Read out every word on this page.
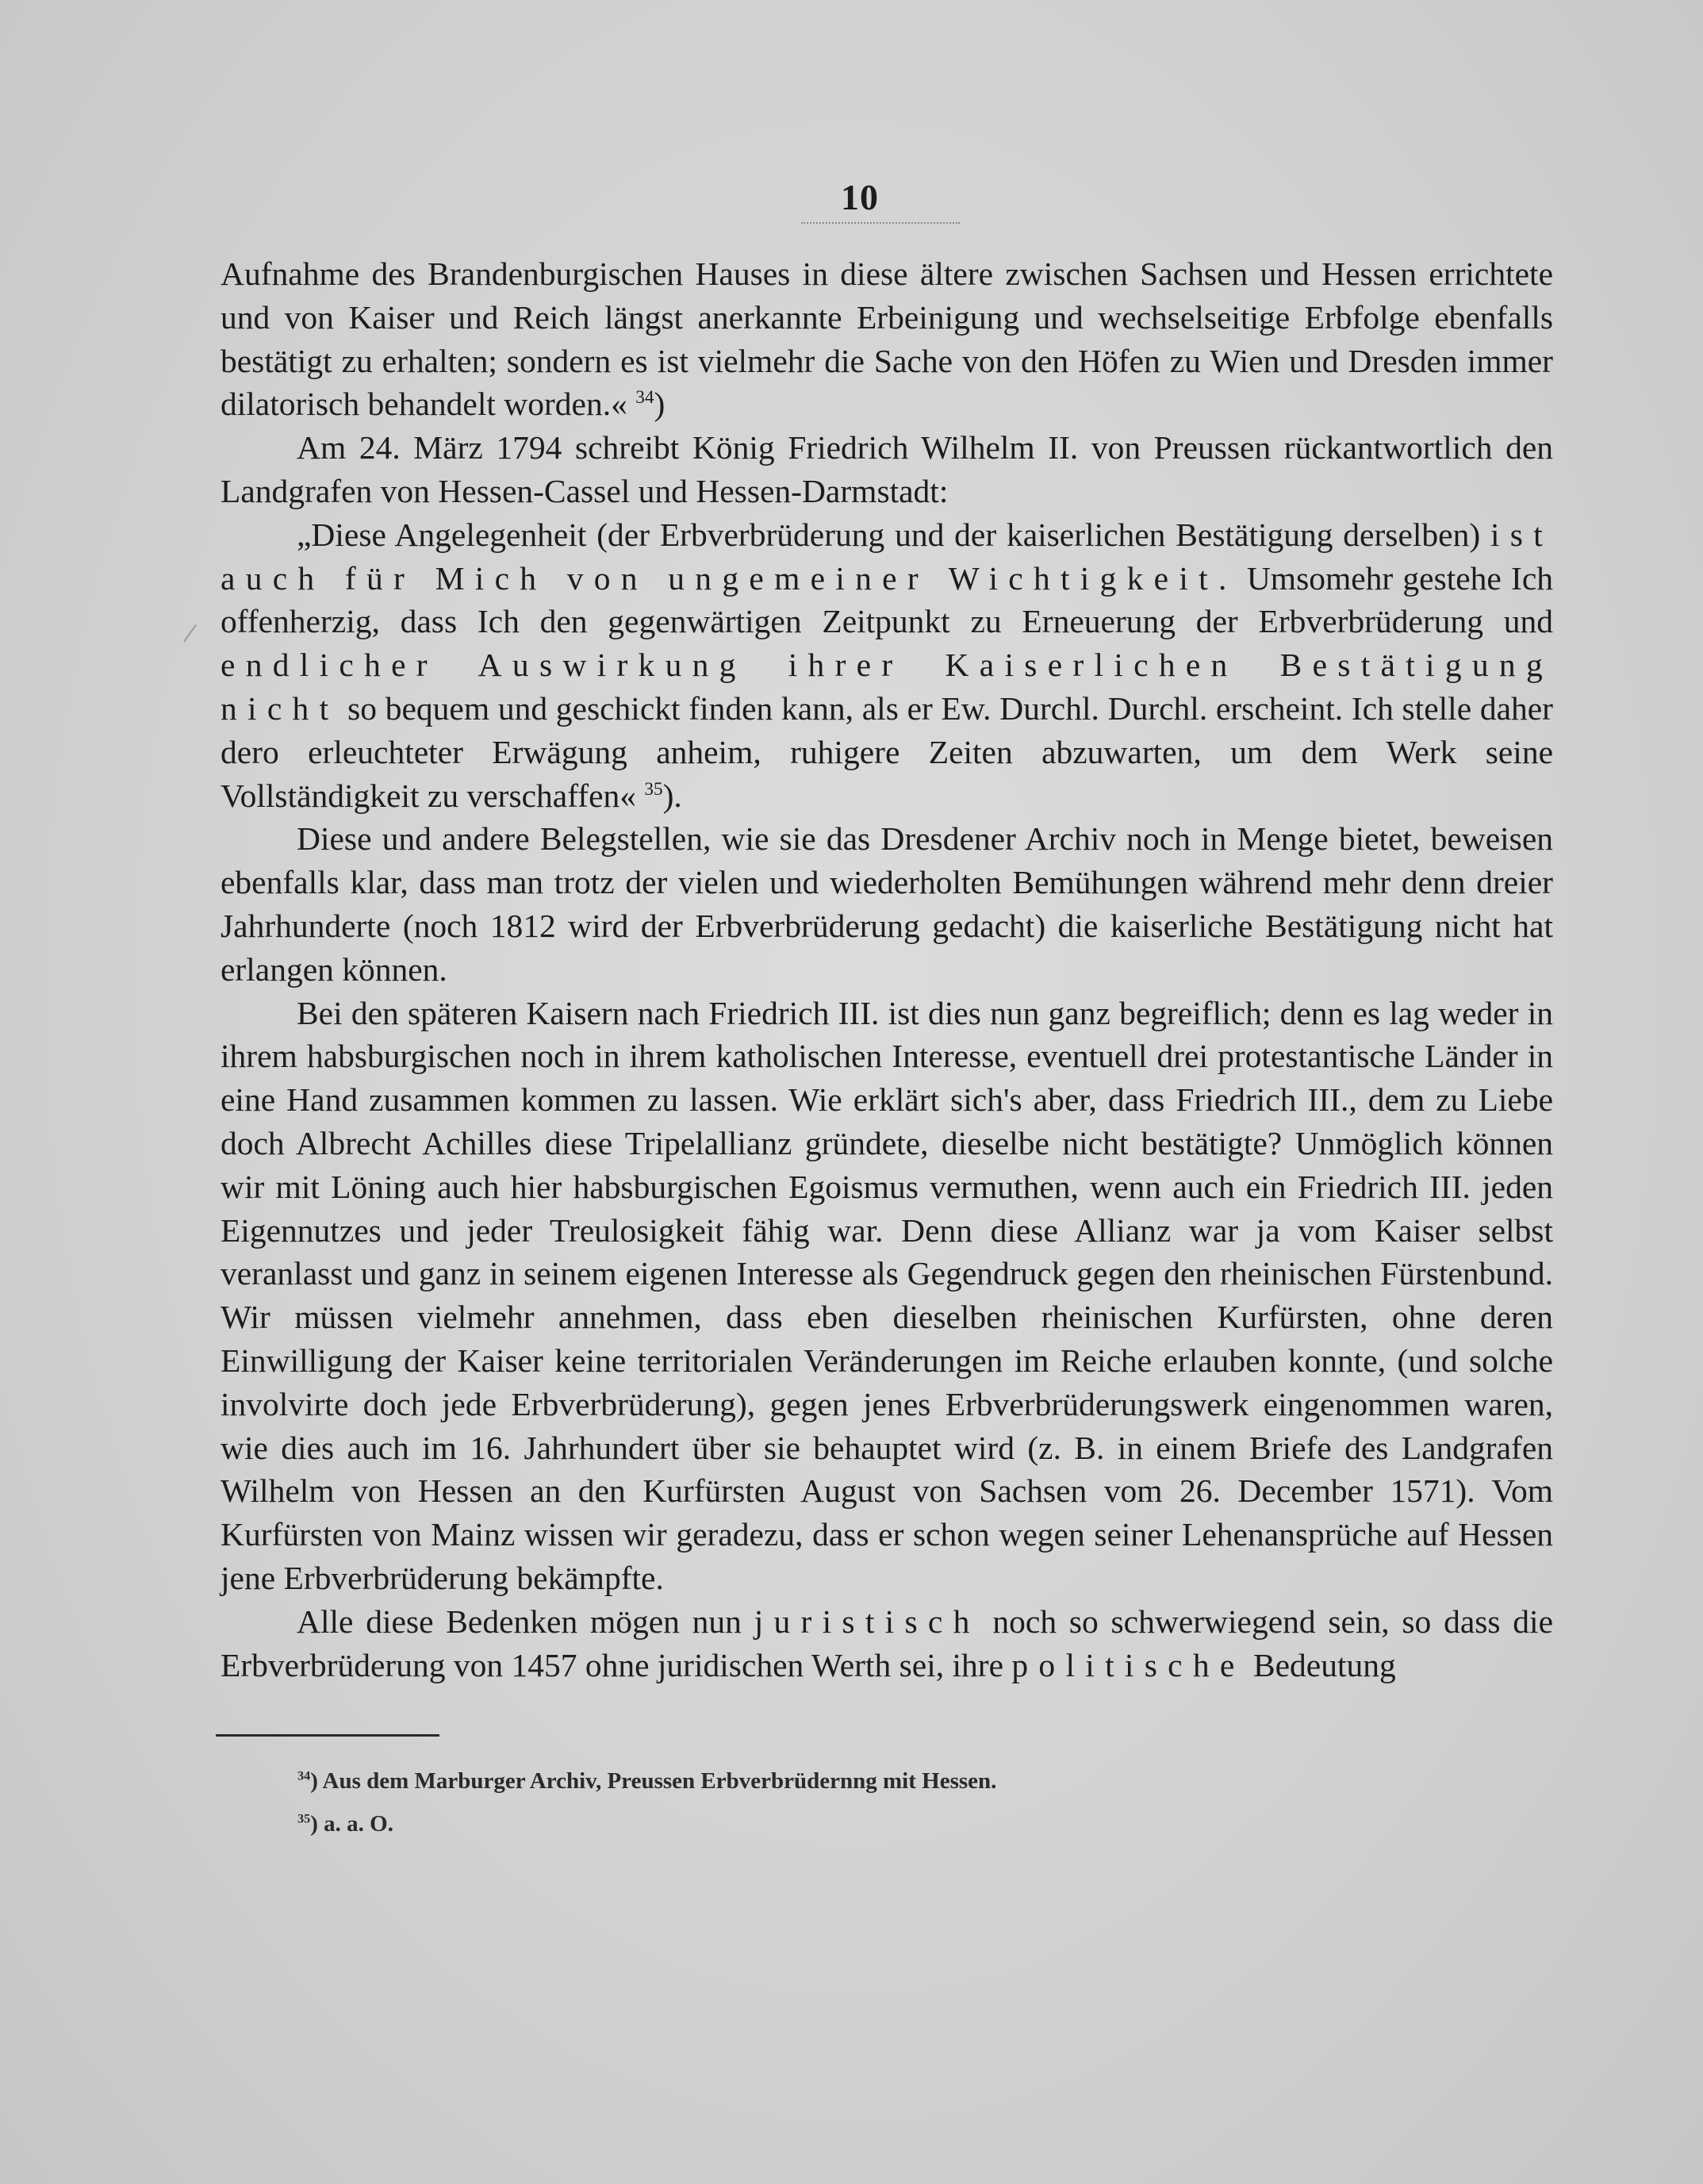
10

Aufnahme des Brandenburgischen Hauses in diese ältere zwischen Sachsen und Hessen errichtete und von Kaiser und Reich längst anerkannte Erbeinigung und wechselseitige Erbfolge ebenfalls bestätigt zu erhalten; sondern es ist vielmehr die Sache von den Höfen zu Wien und Dresden immer dilatorisch behandelt worden.« $^{34}$)

Am 24. März 1794 schreibt König Friedrich Wilhelm II. von Preussen rückantwortlich den Landgrafen von Hessen-Cassel und Hessen-Darmstadt:

„Diese Angelegenheit (der Erbverbrüderung und der kaiserlichen Bestätigung derselben) ist auch für Mich von ungemeiner Wichtigkeit. Umsomehr gestehe Ich offenherzig, dass Ich den gegenwärtigen Zeitpunkt zu Erneuerung der Erbverbrüderung und endlicher Auswirkung ihrer Kaiserlichen Bestätigung nicht so bequem und geschickt finden kann, als er Ew. Durchl. Durchl. erscheint. Ich stelle daher dero erleuchteter Erwägung anheim, ruhigere Zeiten abzuwarten, um dem Werk seine Vollständigkeit zu verschaffen« $^{35}$).

Diese und andere Belegstellen, wie sie das Dresdener Archiv noch in Menge bietet, beweisen ebenfalls klar, dass man trotz der vielen und wiederholten Bemühungen während mehr denn dreier Jahrhunderte (noch 1812 wird der Erbverbrüderung gedacht) die kaiserliche Bestätigung nicht hat erlangen können.

Bei den späteren Kaisern nach Friedrich III. ist dies nun ganz begreiflich; denn es lag weder in ihrem habsburgischen noch in ihrem katholischen Interesse, eventuell drei protestantische Länder in eine Hand zusammen kommen zu lassen. Wie erklärt sich's aber, dass Friedrich III., dem zu Liebe doch Albrecht Achilles diese Tripelallianz gründete, dieselbe nicht bestätigte? Unmöglich können wir mit Löning auch hier habsburgischen Egoismus vermuthen, wenn auch ein Friedrich III. jeden Eigennutzes und jeder Treulosigkeit fähig war. Denn diese Allianz war ja vom Kaiser selbst veranlasst und ganz in seinem eigenen Interesse als Gegendruck gegen den rheinischen Fürstenbund. Wir müssen vielmehr annehmen, dass eben dieselben rheinischen Kurfürsten, ohne deren Einwilligung der Kaiser keine territorialen Veränderungen im Reiche erlauben konnte, (und solche involvirte doch jede Erbverbrüderung), gegen jenes Erbverbrüderungswerk eingenommen waren, wie dies auch im 16. Jahrhundert über sie behauptet wird (z. B. in einem Briefe des Landgrafen Wilhelm von Hessen an den Kurfürsten August von Sachsen vom 26. December 1571). Vom Kurfürsten von Mainz wissen wir geradezu, dass er schon wegen seiner Lehenansprüche auf Hessen jene Erbverbrüderung bekämpfte.

Alle diese Bedenken mögen nun juristisch noch so schwerwiegend sein, so dass die Erbverbrüderung von 1457 ohne juridischen Werth sei, ihre politische Bedeutung

$^{34}$) Aus dem Marburger Archiv, Preussen Erbverbrüdernng mit Hessen.
$^{35}$) a. a. O.
